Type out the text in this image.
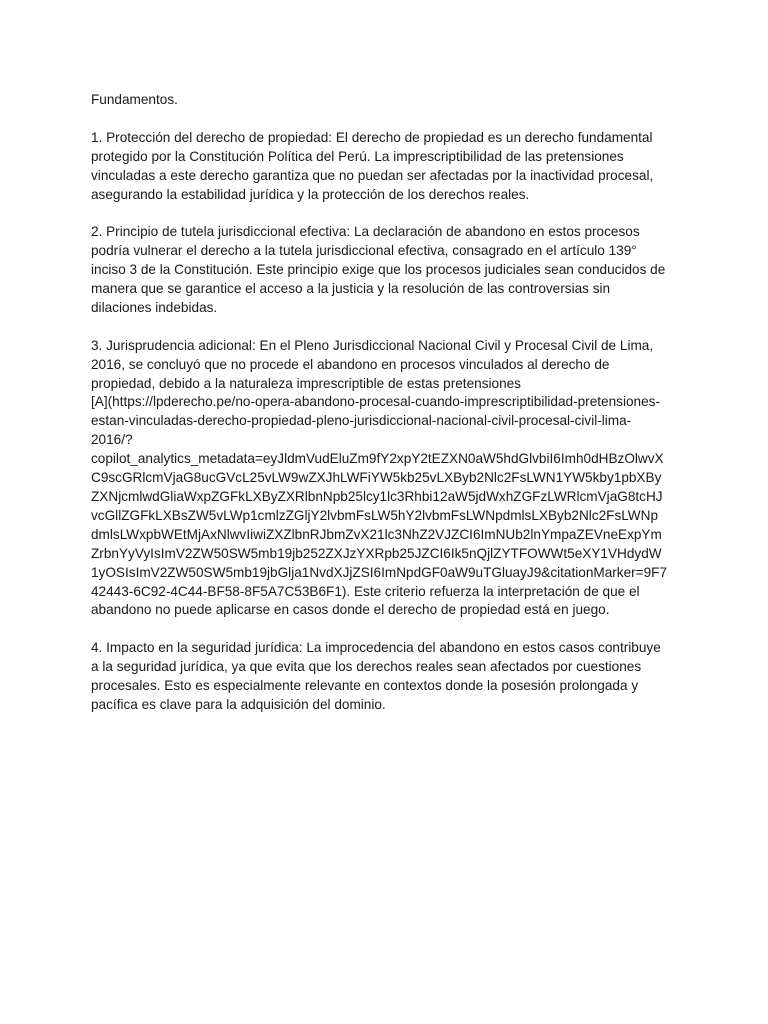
Fundamentos.
1. Protección del derecho de propiedad: El derecho de propiedad es un derecho fundamental
protegido por la Constitución Política del Perú. La imprescriptibilidad de las pretensiones
vinculadas a este derecho garantiza que no puedan ser afectadas por la inactividad procesal,
asegurando la estabilidad jurídica y la protección de los derechos reales.
2. Principio de tutela jurisdiccional efectiva: La declaración de abandono en estos procesos
podría vulnerar el derecho a la tutela jurisdiccional efectiva, consagrado en el artículo 139°
inciso 3 de la Constitución. Este principio exige que los procesos judiciales sean conducidos de
manera que se garantice el acceso a la justicia y la resolución de las controversias sin
dilaciones indebidas.
3. Jurisprudencia adicional: En el Pleno Jurisdiccional Nacional Civil y Procesal Civil de Lima,
2016, se concluyó que no procede el abandono en procesos vinculados al derecho de
propiedad, debido a la naturaleza imprescriptible de estas pretensiones
[A](https://lpderecho.pe/no-opera-abandono-procesal-cuando-imprescriptibilidad-pretensiones-
estan-vinculadas-derecho-propiedad-pleno-jurisdiccional-nacional-civil-procesal-civil-lima-
2016/?
copilot_analytics_metadata=eyJldmVudEluZm9fY2xpY2tEZXN0aW5hdGlvbiI6Imh0dHBzOlwvX
C9scGRlcmVjaG8ucGVcL25vLW9wZXJhLWFiYW5kb25vLXByb2Nlc2FsLWN1YW5kby1pbXBy
ZXNjcmlwdGliaWxpZGFkLXByZXRlbnNpb25lcy1lc3Rhbi12aW5jdWxhZGFzLWRlcmVjaG8tcHJ
vcGllZGFkLXBsZW5vLWp1cmlzZGljY2lvbmFsLW5hY2lvbmFsLWNpdmlsLXByb2Nlc2FsLWNp
dmlsLWxpbWEtMjAxNlwvIiwiZXZlbnRJbmZvX21lc3NhZ2VJZCI6ImNUb2lnYmpaZEVneExpYm
ZrbnYyVyIsImV2ZW50SW5mb19jb252ZXJzYXRpb25JZCI6Ik5nQjlZYTFOWWt5eXY1VHdydW
1yOSIsImV2ZW50SW5mb19jbGlja1NvdXJjZSI6ImNpdGF0aW9uTGluayJ9&citationMarker=9F7
42443-6C92-4C44-BF58-8F5A7C53B6F1). Este criterio refuerza la interpretación de que el
abandono no puede aplicarse en casos donde el derecho de propiedad está en juego.
4. Impacto en la seguridad jurídica: La improcedencia del abandono en estos casos contribuye
a la seguridad jurídica, ya que evita que los derechos reales sean afectados por cuestiones
procesales. Esto es especialmente relevante en contextos donde la posesión prolongada y
pacífica es clave para la adquisición del dominio.
